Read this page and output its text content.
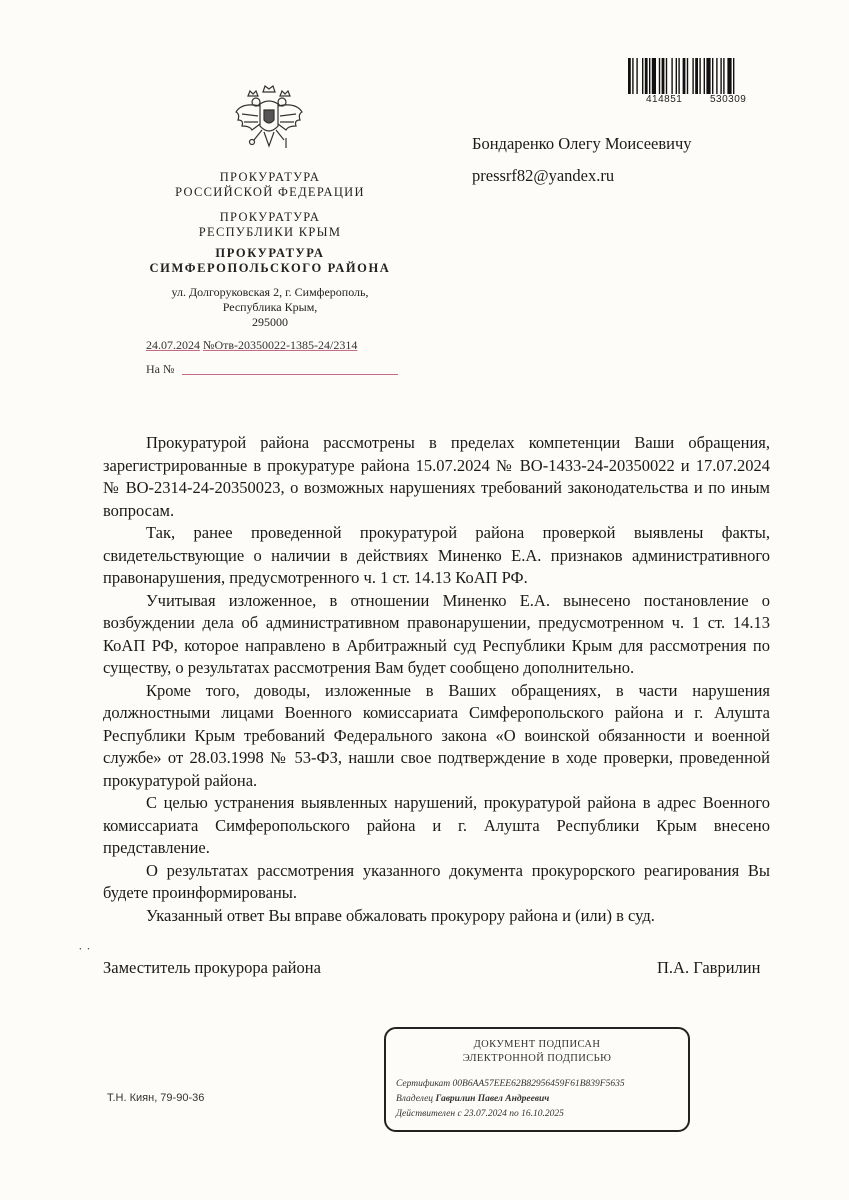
414851	530309
ПРОКУРАТУРА
РОССИЙСКОЙ ФЕДЕРАЦИИ
ПРОКУРАТУРА
РЕСПУБЛИКИ КРЫМ
ПРОКУРАТУРА
СИМФЕРОПОЛЬСКОГО РАЙОНА
ул. Долгоруковская 2, г. Симферополь,
Республика Крым,
295000
24.07.2024 №Отв-20350022-1385-24/2314
На №
Бондаренко Олегу Моисеевичу
pressrf82@yandex.ru

Прокуратурой района рассмотрены в пределах компетенции Ваши обращения, зарегистрированные в прокуратуре района 15.07.2024 № ВО-1433-24-20350022 и 17.07.2024 № ВО-2314-24-20350023, о возможных нарушениях требований законодательства и по иным вопросам.

Так, ранее проведенной прокуратурой района проверкой выявлены факты, свидетельствующие о наличии в действиях Миненко Е.А. признаков административного правонарушения, предусмотренного ч. 1 ст. 14.13 КоАП РФ.

Учитывая изложенное, в отношении Миненко Е.А. вынесено постановление о возбуждении дела об административном правонарушении, предусмотренном ч. 1 ст. 14.13 КоАП РФ, которое направлено в Арбитражный суд Республики Крым для рассмотрения по существу, о результатах рассмотрения Вам будет сообщено дополнительно.

Кроме того, доводы, изложенные в Ваших обращениях, в части нарушения должностными лицами Военного комиссариата Симферопольского района и г. Алушта Республики Крым требований Федерального закона «О воинской обязанности и военной службе» от 28.03.1998 № 53-ФЗ, нашли свое подтверждение в ходе проверки, проведенной прокуратурой района.

С целью устранения выявленных нарушений, прокуратурой района в адрес Военного комиссариата Симферопольского района и г. Алушта Республики Крым внесено представление.

О результатах рассмотрения указанного документа прокурорского реагирования Вы будете проинформированы.

Указанный ответ Вы вправе обжаловать прокурору района и (или) в суд.

˙ ˙
Заместитель прокурора района	П.А. Гаврилин
ДОКУМЕНТ ПОДПИСАН
ЭЛЕКТРОННОЙ ПОДПИСЬЮ
Сертификат 00B6AA57EEE62B82956459F61B839F5635
Владелец Гаврилин Павел Андреевич
Действителен с 23.07.2024 по 16.10.2025
Т.Н. Киян, 79-90-36
